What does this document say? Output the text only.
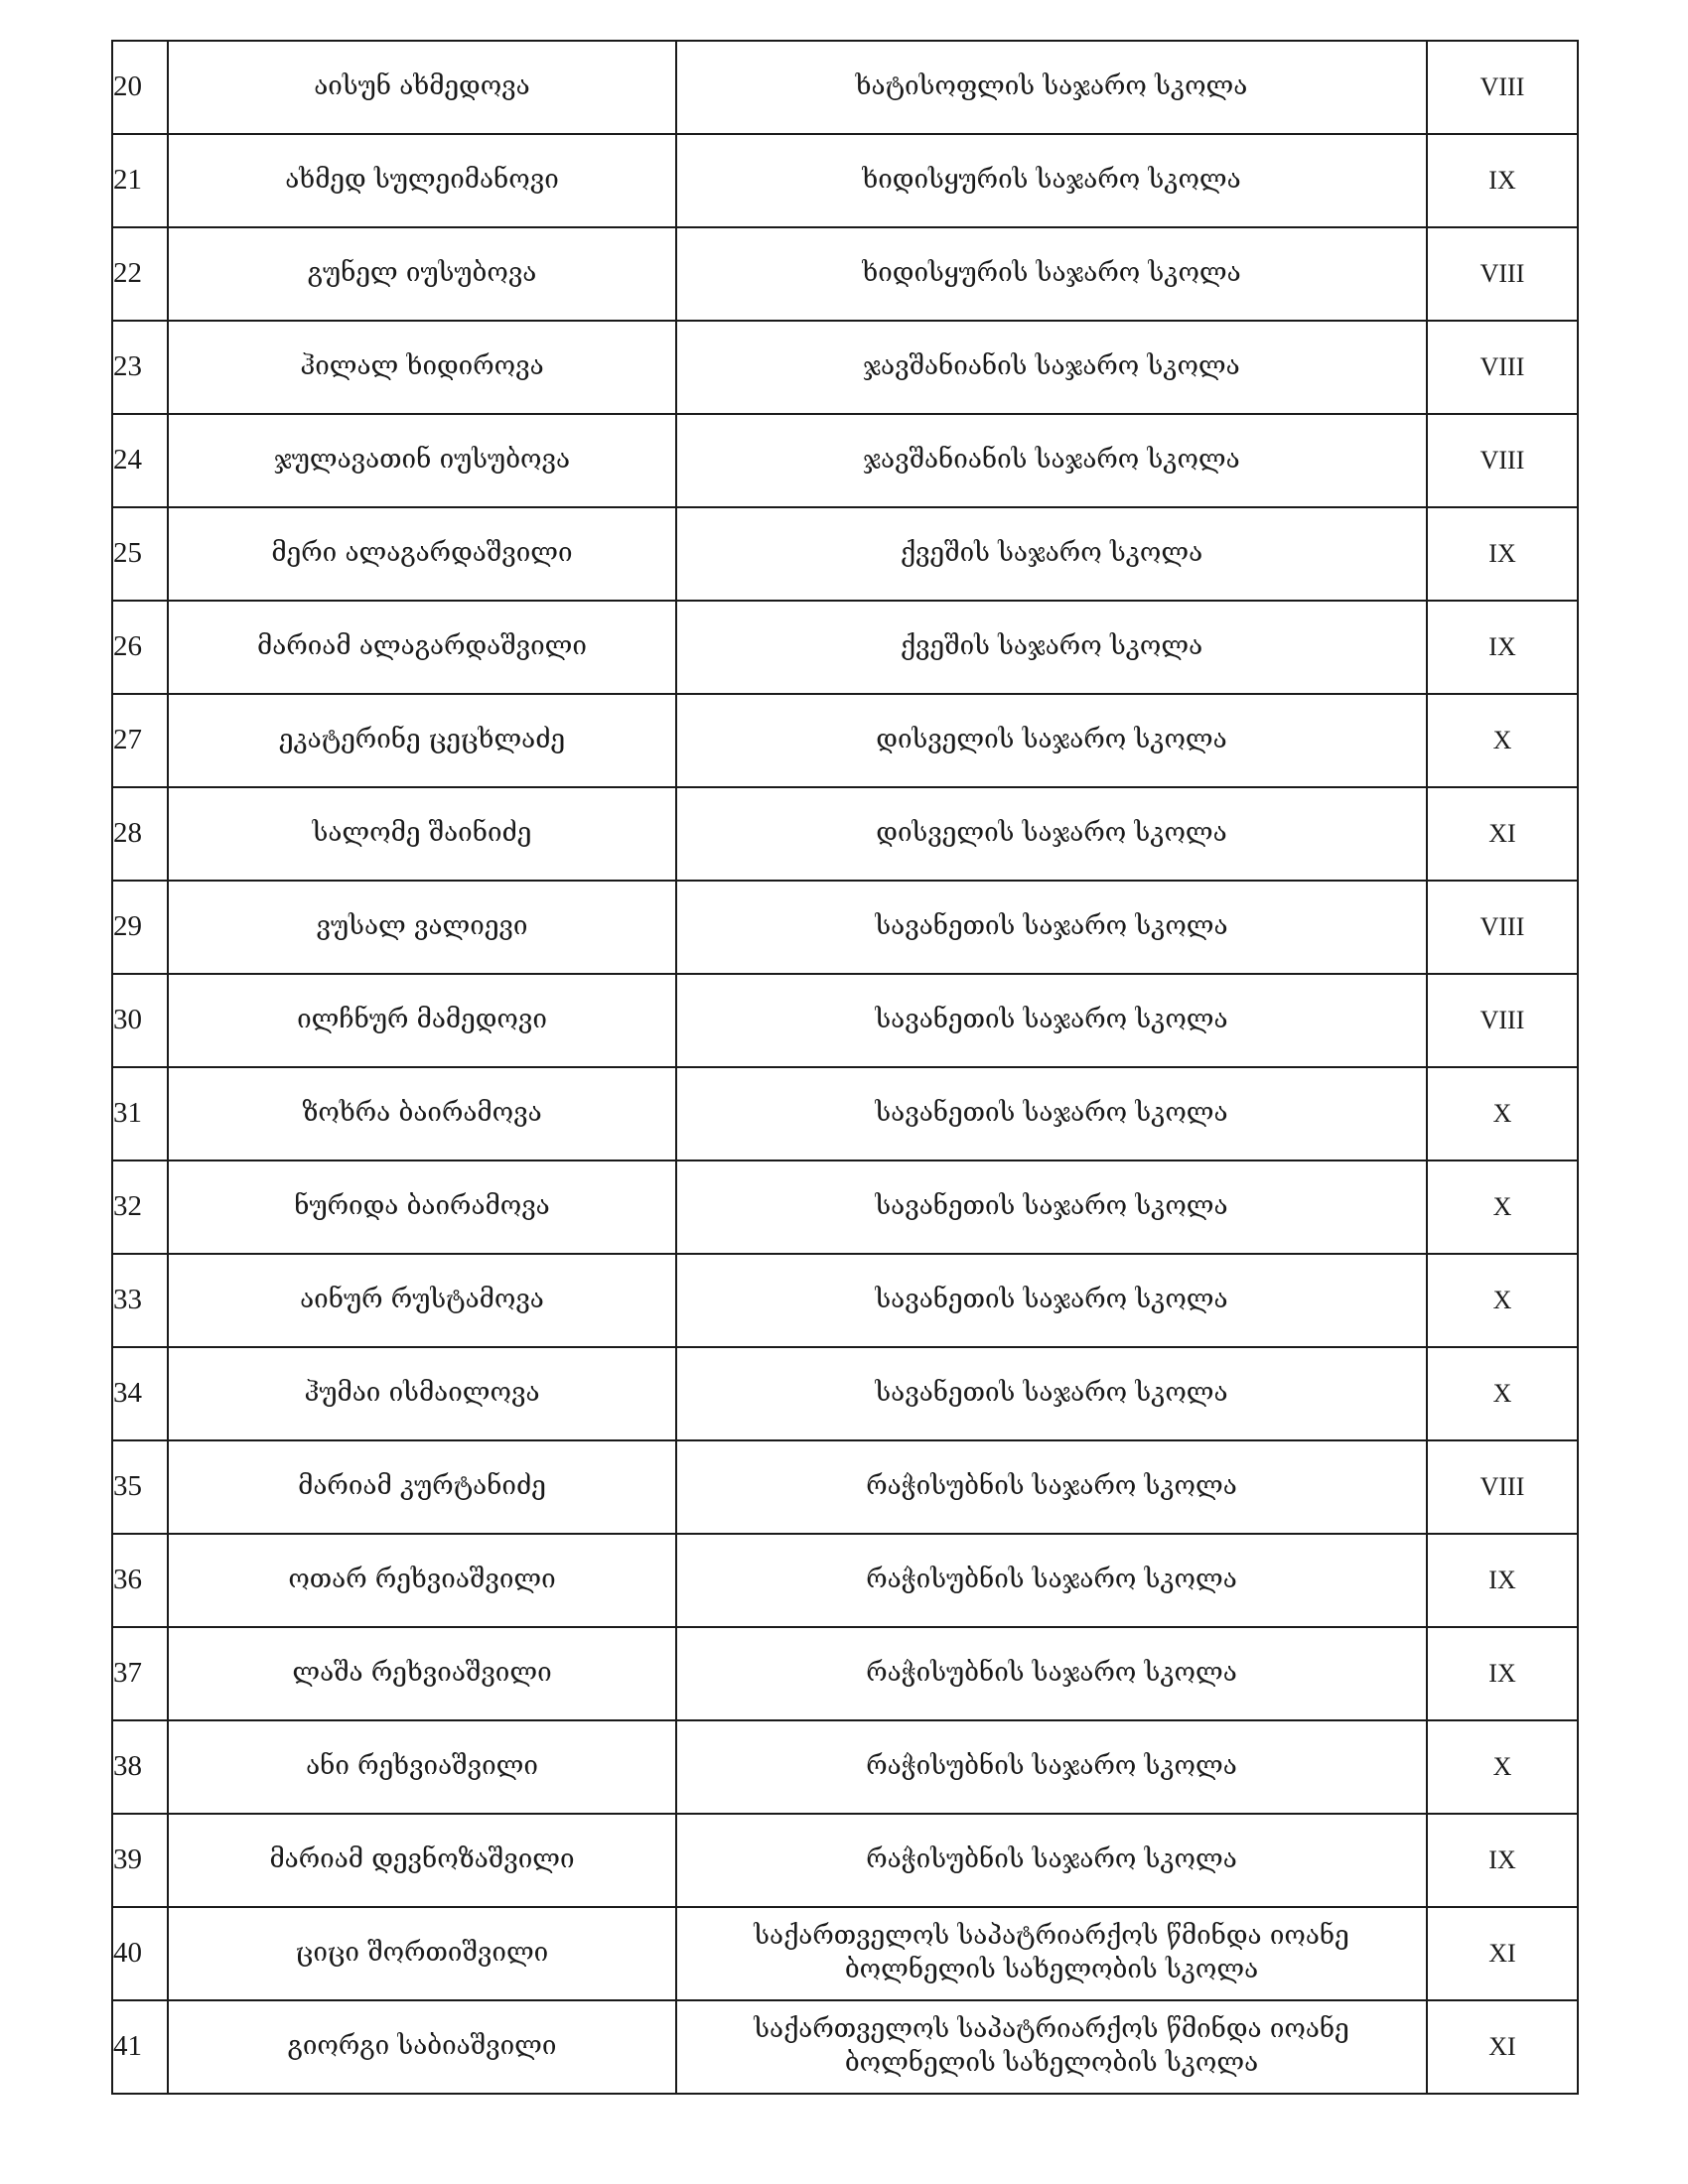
20	აისუნ ახმედოვა	ხატისოფლის საჯარო სკოლა	VIII
21	ახმედ სულეიმანოვი	ხიდისყურის საჯარო სკოლა	IX
22	გუნელ იუსუბოვა	ხიდისყურის საჯარო სკოლა	VIII
23	ჰილალ ხიდიროვა	ჯავშანიანის საჯარო სკოლა	VIII
24	ჯულავათინ იუსუბოვა	ჯავშანიანის საჯარო სკოლა	VIII
25	მერი ალაგარდაშვილი	ქვეშის საჯარო სკოლა	IX
26	მარიამ ალაგარდაშვილი	ქვეშის საჯარო სკოლა	IX
27	ეკატერინე ცეცხლაძე	დისველის საჯარო სკოლა	X
28	სალომე შაინიძე	დისველის საჯარო სკოლა	XI
29	ვუსალ ვალიევი	სავანეთის საჯარო სკოლა	VIII
30	ილჩნურ მამედოვი	სავანეთის საჯარო სკოლა	VIII
31	ზოხრა ბაირამოვა	სავანეთის საჯარო სკოლა	X
32	ნურიდა ბაირამოვა	სავანეთის საჯარო სკოლა	X
33	აინურ რუსტამოვა	სავანეთის საჯარო სკოლა	X
34	ჰუმაი ისმაილოვა	სავანეთის საჯარო სკოლა	X
35	მარიამ კურტანიძე	რაჭისუბნის საჯარო სკოლა	VIII
36	ოთარ რეხვიაშვილი	რაჭისუბნის საჯარო სკოლა	IX
37	ლაშა რეხვიაშვილი	რაჭისუბნის საჯარო სკოლა	IX
38	ანი რეხვიაშვილი	რაჭისუბნის საჯარო სკოლა	X
39	მარიამ დევნოზაშვილი	რაჭისუბნის საჯარო სკოლა	IX
40	ციცი შორთიშვილი	საქართველოს საპატრიარქოს წმინდა იოანე ბოლნელის სახელობის სკოლა	XI
41	გიორგი საბიაშვილი	საქართველოს საპატრიარქოს წმინდა იოანე ბოლნელის სახელობის სკოლა	XI
